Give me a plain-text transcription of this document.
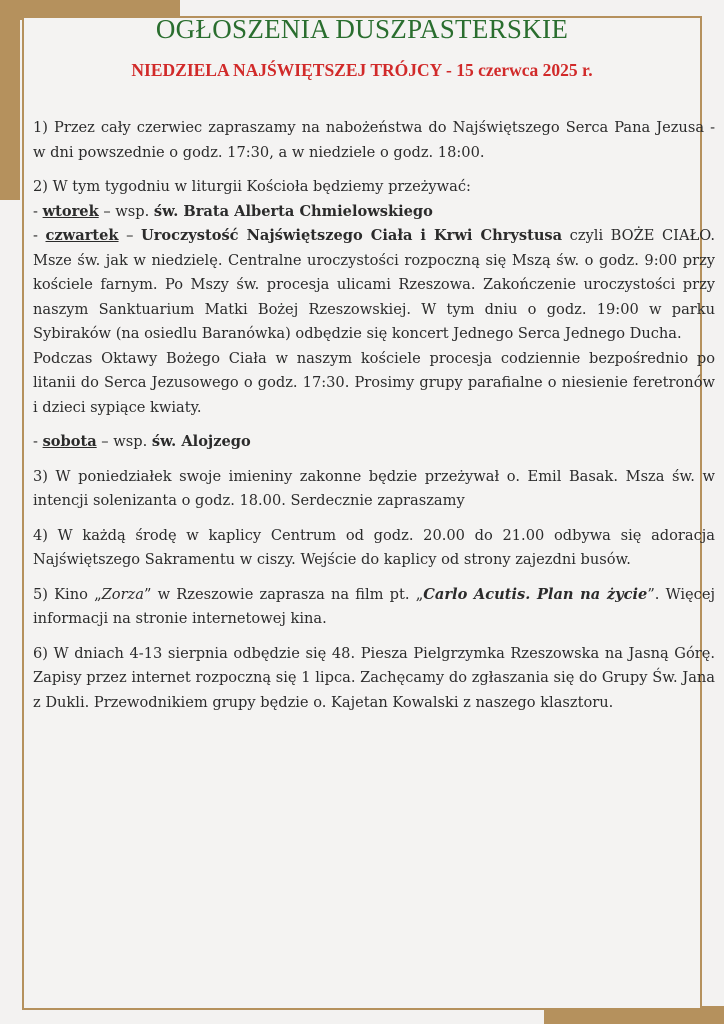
OGŁOSZENIA DUSZPASTERSKIE
NIEDZIELA NAJŚWIĘTSZEJ TRÓJCY - 15 czerwca 2025 r.

1) Przez cały czerwiec zapraszamy na nabożeństwa do Najświętszego Serca Pana Jezusa - w dni powszednie o godz. 17:30, a w niedziele o godz. 18:00.

2) W tym tygodniu w liturgii Kościoła będziemy przeżywać:
- wtorek – wsp. św. Brata Alberta Chmielowskiego
- czwartek – Uroczystość Najświętszego Ciała i Krwi Chrystusa czyli BOŻE CIAŁO. Msze św. jak w niedzielę. Centralne uroczystości rozpoczną się Mszą św. o godz. 9:00 przy kościele farnym. Po Mszy św. procesja ulicami Rzeszowa. Zakończenie uroczystości przy naszym Sanktuarium Matki Bożej Rzeszowskiej. W tym dniu o godz. 19:00 w parku Sybiraków (na osiedlu Baranówka) odbędzie się koncert Jednego Serca Jednego Ducha.
Podczas Oktawy Bożego Ciała w naszym kościele procesja codziennie bezpośrednio po litanii do Serca Jezusowego o godz. 17:30. Prosimy grupy parafialne o niesienie feretronów i dzieci sypiące kwiaty.

- sobota – wsp. św. Alojzego

3) W poniedziałek swoje imieniny zakonne będzie przeżywał o. Emil Basak. Msza św. w intencji solenizanta o godz. 18.00. Serdecznie zapraszamy

4) W każdą środę w kaplicy Centrum od godz. 20.00 do 21.00 odbywa się adoracja Najświętszego Sakramentu w ciszy. Wejście do kaplicy od strony zajezdni busów.

5) Kino „Zorza” w Rzeszowie zaprasza na film pt. „Carlo Acutis. Plan na życie”. Więcej informacji na stronie internetowej kina.

6) W dniach 4-13 sierpnia odbędzie się 48. Piesza Pielgrzymka Rzeszowska na Jasną Górę. Zapisy przez internet rozpoczną się 1 lipca. Zachęcamy do zgłaszania się do Grupy Św. Jana z Dukli. Przewodnikiem grupy będzie o. Kajetan Kowalski z naszego klasztoru.
